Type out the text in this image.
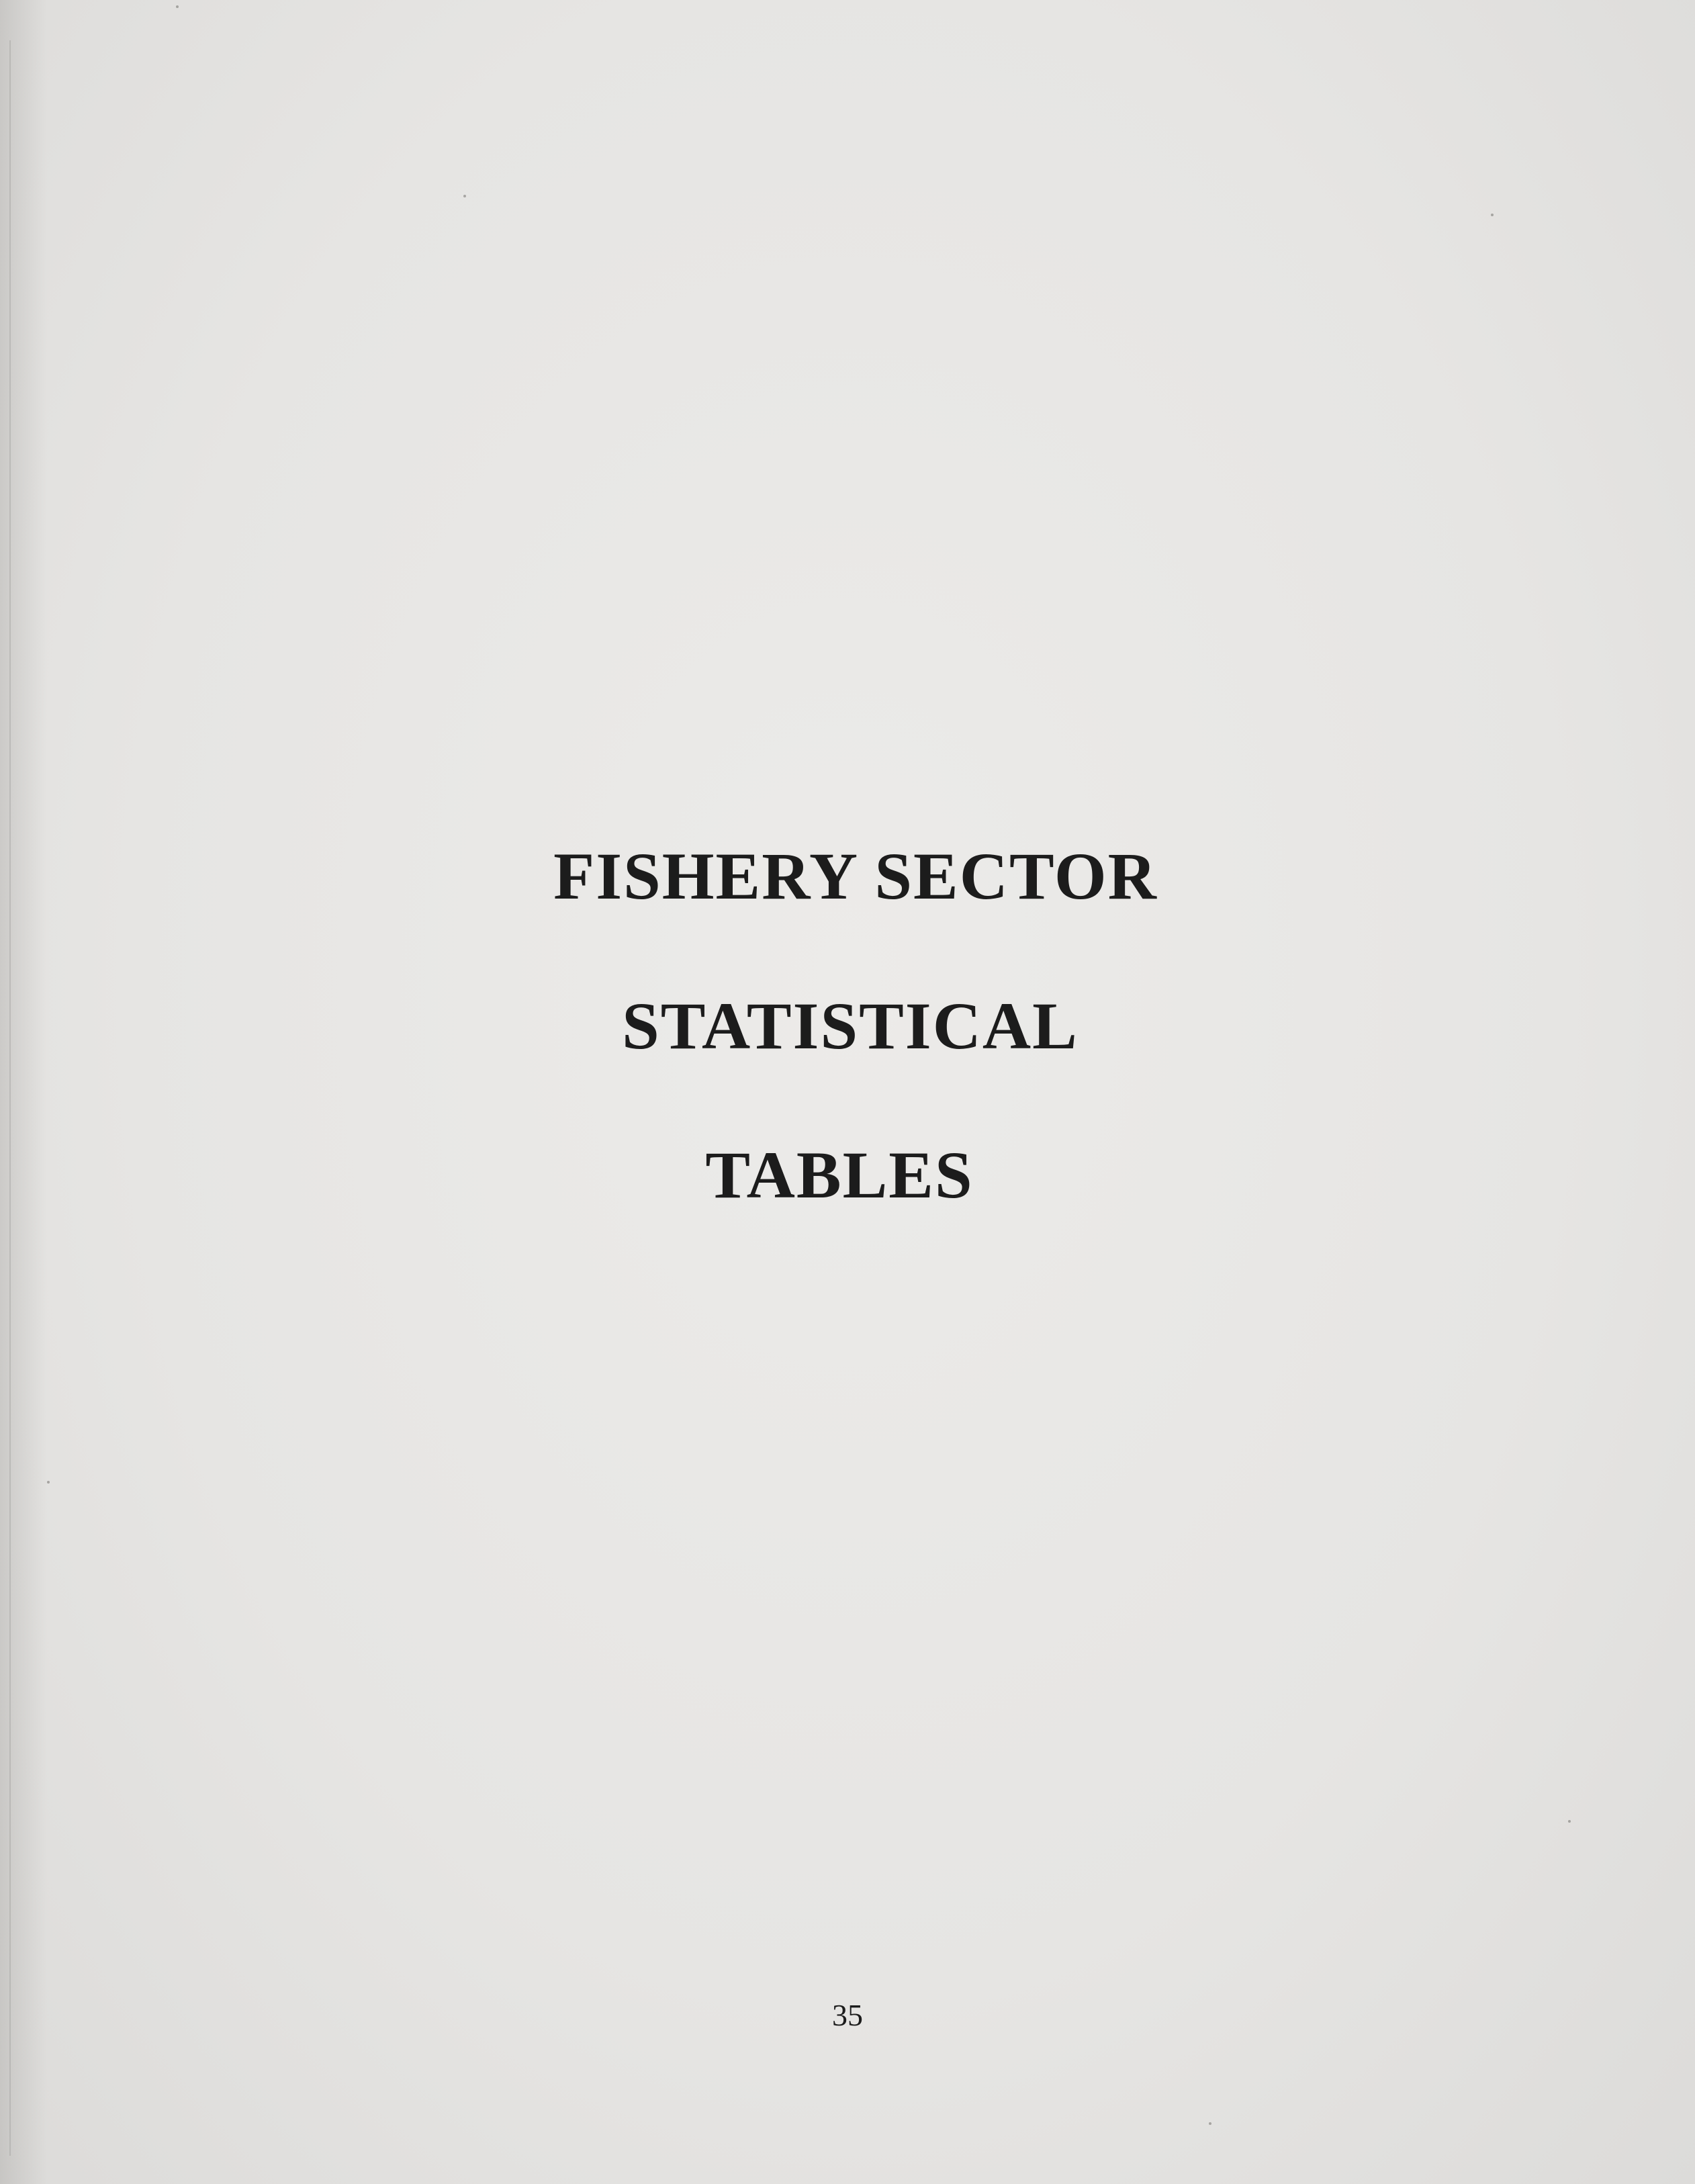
FISHERY SECTOR
STATISTICAL
TABLES
35
